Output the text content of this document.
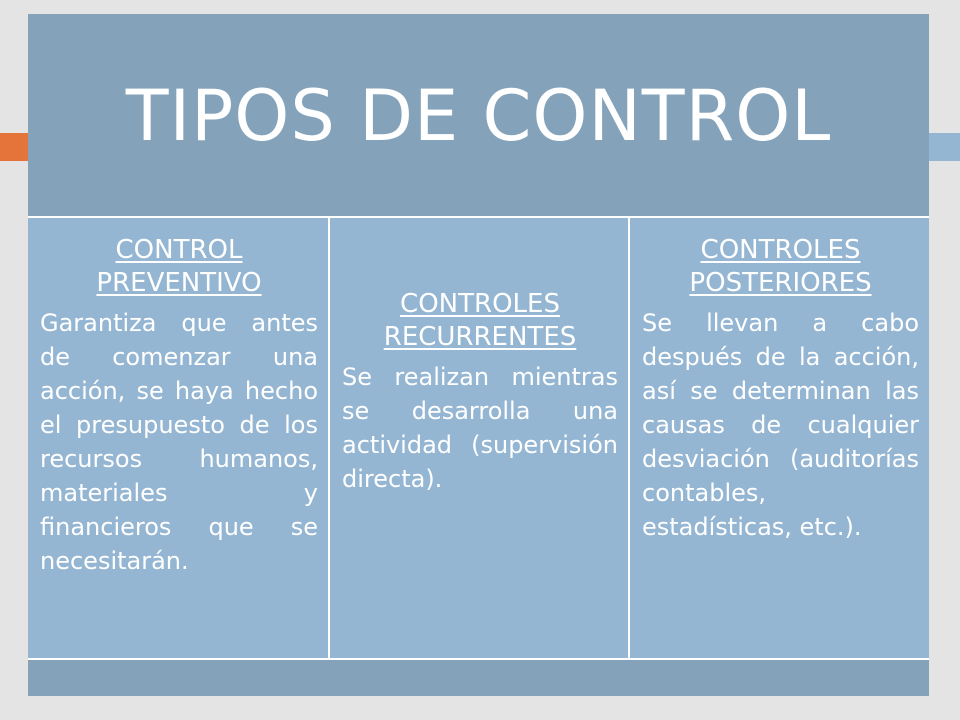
TIPOS DE CONTROL
CONTROL PREVENTIVO
Garantiza que antes de comenzar una acción, se haya hecho el presupuesto de los recursos humanos, materiales y financieros que se necesitarán.
CONTROLES RECURRENTES
Se realizan mientras se desarrolla una actividad (supervisión directa).
CONTROLES POSTERIORES
Se llevan a cabo después de la acción, así se determinan las causas de cualquier desviación (auditorías contables, estadísticas, etc.).
